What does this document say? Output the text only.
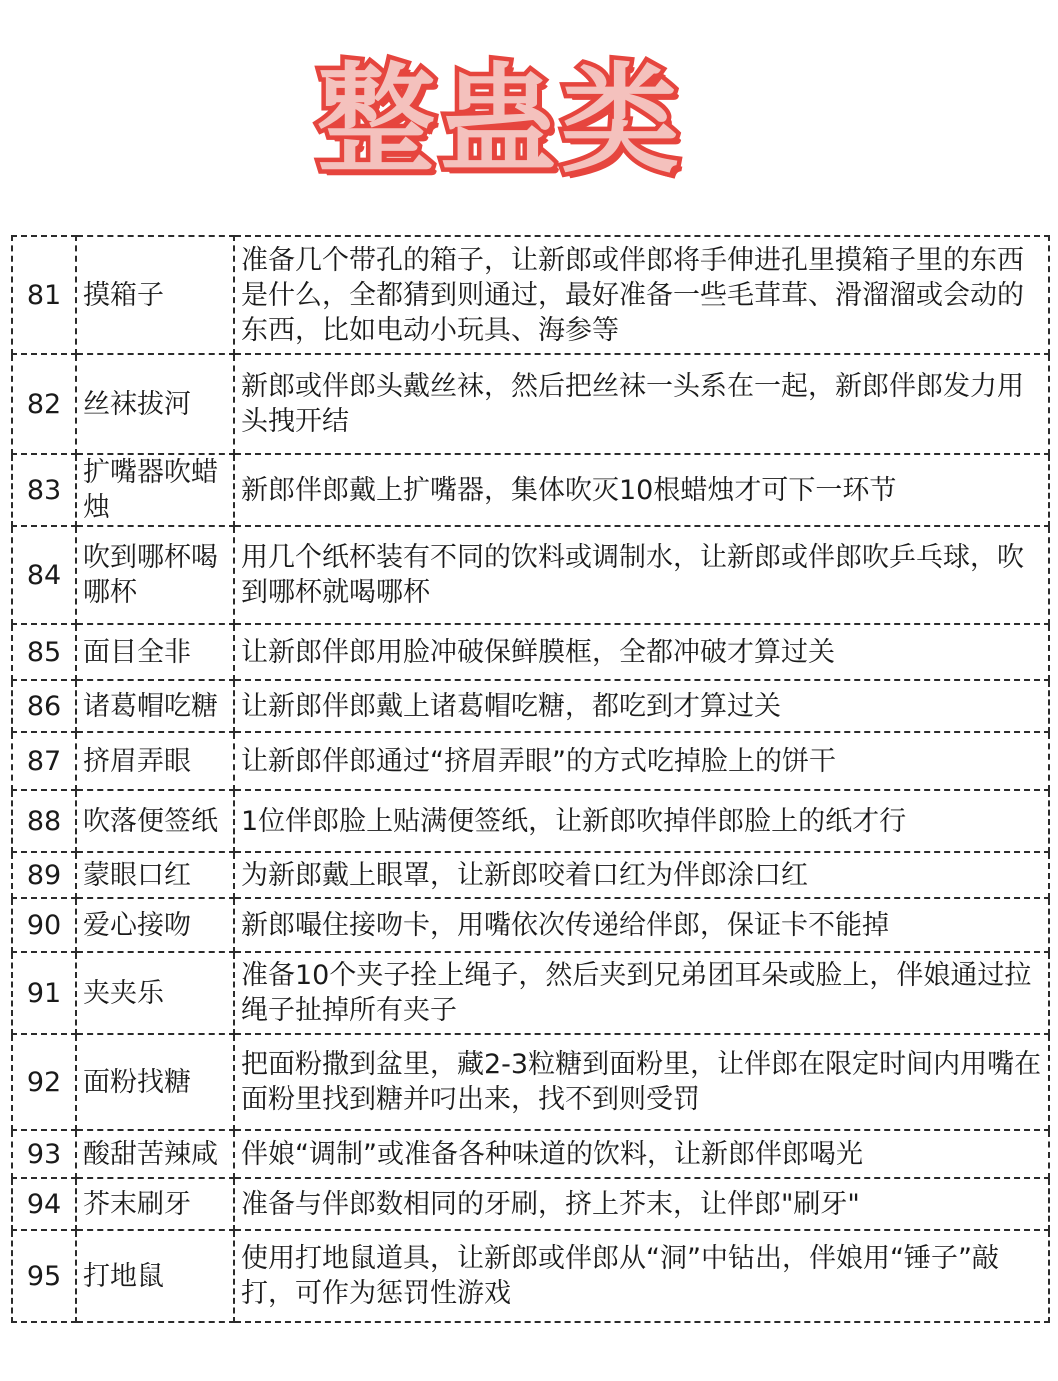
整蛊类
81	摸箱子	准备几个带孔的箱子，让新郎或伴郎将手伸进孔里摸箱子里的东西是什么，全都猜到则通过，最好准备一些毛茸茸、滑溜溜或会动的东西，比如电动小玩具、海参等
82	丝袜拔河	新郎或伴郎头戴丝袜，然后把丝袜一头系在一起，新郎伴郎发力用头拽开结
83	扩嘴器吹蜡烛	新郎伴郎戴上扩嘴器，集体吹灭10根蜡烛才可下一环节
84	吹到哪杯喝哪杯	用几个纸杯装有不同的饮料或调制水，让新郎或伴郎吹乒乓球，吹到哪杯就喝哪杯
85	面目全非	让新郎伴郎用脸冲破保鲜膜框，全都冲破才算过关
86	诸葛帽吃糖	让新郎伴郎戴上诸葛帽吃糖，都吃到才算过关
87	挤眉弄眼	让新郎伴郎通过“挤眉弄眼”的方式吃掉脸上的饼干
88	吹落便签纸	1位伴郎脸上贴满便签纸，让新郎吹掉伴郎脸上的纸才行
89	蒙眼口红	为新郎戴上眼罩，让新郎咬着口红为伴郎涂口红
90	爱心接吻	新郎嘬住接吻卡，用嘴依次传递给伴郎，保证卡不能掉
91	夹夹乐	准备10个夹子拴上绳子，然后夹到兄弟团耳朵或脸上，伴娘通过拉绳子扯掉所有夹子
92	面粉找糖	把面粉撒到盆里，藏2-3粒糖到面粉里，让伴郎在限定时间内用嘴在面粉里找到糖并叼出来，找不到则受罚
93	酸甜苦辣咸	伴娘“调制”或准备各种味道的饮料，让新郎伴郎喝光
94	芥末刷牙	准备与伴郎数相同的牙刷，挤上芥末，让伴郎"刷牙"
95	打地鼠	使用打地鼠道具，让新郎或伴郎从“洞”中钻出，伴娘用“锤子”敲打，可作为惩罚性游戏
